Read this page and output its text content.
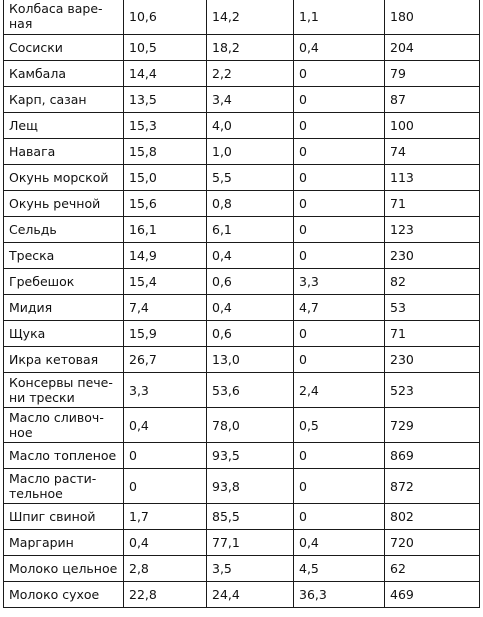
Колбаса варе-
ная	10,6	14,2	1,1	180
Сосиски	10,5	18,2	0,4	204
Камбала	14,4	2,2	0	79
Карп, сазан	13,5	3,4	0	87
Лещ	15,3	4,0	0	100
Навага	15,8	1,0	0	74
Окунь морской	15,0	5,5	0	113
Окунь речной	15,6	0,8	0	71
Сельдь	16,1	6,1	0	123
Треска	14,9	0,4	0	230
Гребешок	15,4	0,6	3,3	82
Мидия	7,4	0,4	4,7	53
Щука	15,9	0,6	0	71
Икра кетовая	26,7	13,0	0	230
Консервы пече-
ни трески	3,3	53,6	2,4	523
Масло сливоч-
ное	0,4	78,0	0,5	729
Масло топленое	0	93,5	0	869
Масло расти-
тельное	0	93,8	0	872
Шпиг свиной	1,7	85,5	0	802
Маргарин	0,4	77,1	0,4	720
Молоко цельное	2,8	3,5	4,5	62
Молоко сухое	22,8	24,4	36,3	469
